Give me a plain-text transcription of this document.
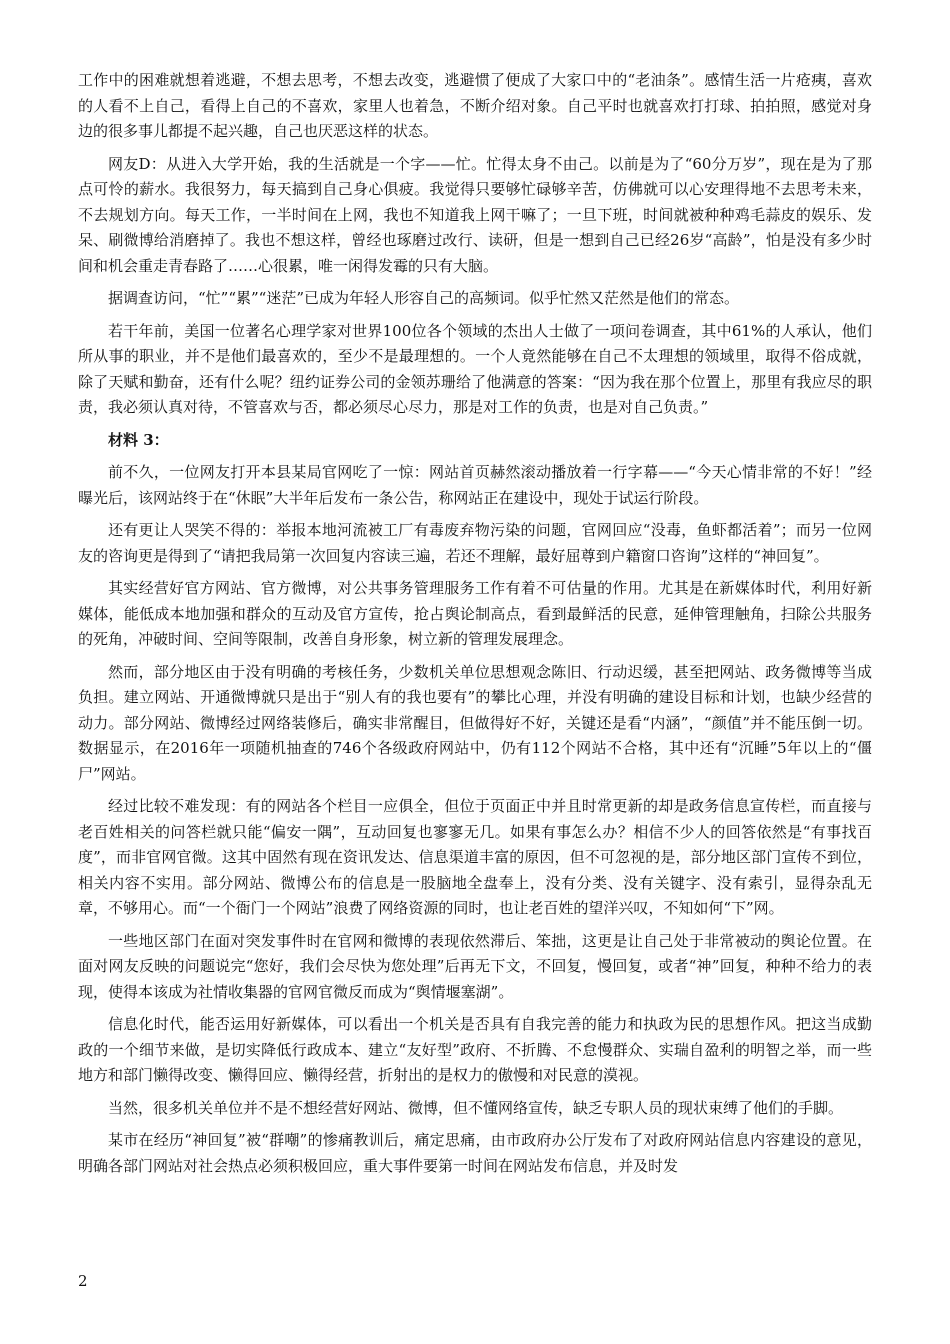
工作中的困难就想着逃避，不想去思考，不想去改变，逃避惯了便成了大家口中的“老油条”。感情生活一片疮痍，喜欢的人看不上自己，看得上自己的不喜欢，家里人也着急，不断介绍对象。自己平时也就喜欢打打球、拍拍照，感觉对身边的很多事儿都提不起兴趣，自己也厌恶这样的状态。

网友D：从进入大学开始，我的生活就是一个字——忙。忙得太身不由己。以前是为了“60分万岁”，现在是为了那点可怜的薪水。我很努力，每天搞到自己身心俱疲。我觉得只要够忙碌够辛苦，仿佛就可以心安理得地不去思考未来，不去规划方向。每天工作，一半时间在上网，我也不知道我上网干嘛了；一旦下班，时间就被种种鸡毛蒜皮的娱乐、发呆、刷微博给消磨掉了。我也不想这样，曾经也琢磨过改行、读研，但是一想到自己已经26岁“高龄”，怕是没有多少时间和机会重走青春路了……心很累，唯一闲得发霉的只有大脑。

据调查访问，“忙”“累”“迷茫”已成为年轻人形容自己的高频词。似乎忙然又茫然是他们的常态。

若干年前，美国一位著名心理学家对世界100位各个领域的杰出人士做了一项问卷调查，其中61%的人承认，他们所从事的职业，并不是他们最喜欢的，至少不是最理想的。一个人竟然能够在自己不太理想的领域里，取得不俗成就，除了天赋和勤奋，还有什么呢？纽约证券公司的金领苏珊给了他满意的答案：“因为我在那个位置上，那里有我应尽的职责，我必须认真对待，不管喜欢与否，都必须尽心尽力，那是对工作的负责，也是对自己负责。”

材料 3：

前不久，一位网友打开本县某局官网吃了一惊：网站首页赫然滚动播放着一行字幕——“今天心情非常的不好！”经曝光后，该网站终于在“休眠”大半年后发布一条公告，称网站正在建设中，现处于试运行阶段。

还有更让人哭笑不得的：举报本地河流被工厂有毒废弃物污染的问题，官网回应“没毒，鱼虾都活着”；而另一位网友的咨询更是得到了“请把我局第一次回复内容读三遍，若还不理解，最好屈尊到户籍窗口咨询”这样的“神回复”。

其实经营好官方网站、官方微博，对公共事务管理服务工作有着不可估量的作用。尤其是在新媒体时代，利用好新媒体，能低成本地加强和群众的互动及官方宣传，抢占舆论制高点，看到最鲜活的民意，延伸管理触角，扫除公共服务的死角，冲破时间、空间等限制，改善自身形象，树立新的管理发展理念。

然而，部分地区由于没有明确的考核任务，少数机关单位思想观念陈旧、行动迟缓，甚至把网站、政务微博等当成负担。建立网站、开通微博就只是出于“别人有的我也要有”的攀比心理，并没有明确的建设目标和计划，也缺少经营的动力。部分网站、微博经过网络装修后，确实非常醒目，但做得好不好，关键还是看“内涵”，“颜值”并不能压倒一切。数据显示，在2016年一项随机抽查的746个各级政府网站中，仍有112个网站不合格，其中还有“沉睡”5年以上的“僵尸”网站。

经过比较不难发现：有的网站各个栏目一应俱全，但位于页面正中并且时常更新的却是政务信息宣传栏，而直接与老百姓相关的问答栏就只能“偏安一隅”，互动回复也寥寥无几。如果有事怎么办？相信不少人的回答依然是“有事找百度”，而非官网官微。这其中固然有现在资讯发达、信息渠道丰富的原因，但不可忽视的是，部分地区部门宣传不到位，相关内容不实用。部分网站、微博公布的信息是一股脑地全盘奉上，没有分类、没有关键字、没有索引，显得杂乱无章，不够用心。而“一个衙门一个网站”浪费了网络资源的同时，也让老百姓的望洋兴叹，不知如何“下”网。

一些地区部门在面对突发事件时在官网和微博的表现依然滞后、笨拙，这更是让自己处于非常被动的舆论位置。在面对网友反映的问题说完“您好，我们会尽快为您处理”后再无下文，不回复，慢回复，或者“神”回复，种种不给力的表现，使得本该成为社情收集器的官网官微反而成为“舆情堰塞湖”。

信息化时代，能否运用好新媒体，可以看出一个机关是否具有自我完善的能力和执政为民的思想作风。把这当成勤政的一个细节来做，是切实降低行政成本、建立“友好型”政府、不折腾、不怠慢群众、实瑞自盈利的明智之举，而一些地方和部门懒得改变、懒得回应、懒得经营，折射出的是权力的傲慢和对民意的漠视。

当然，很多机关单位并不是不想经营好网站、微博，但不懂网络宣传，缺乏专职人员的现状束缚了他们的手脚。

某市在经历“神回复”被“群嘲”的惨痛教训后，痛定思痛，由市政府办公厅发布了对政府网站信息内容建设的意见，明确各部门网站对社会热点必须积极回应，重大事件要第一时间在网站发布信息，并及时发

2
